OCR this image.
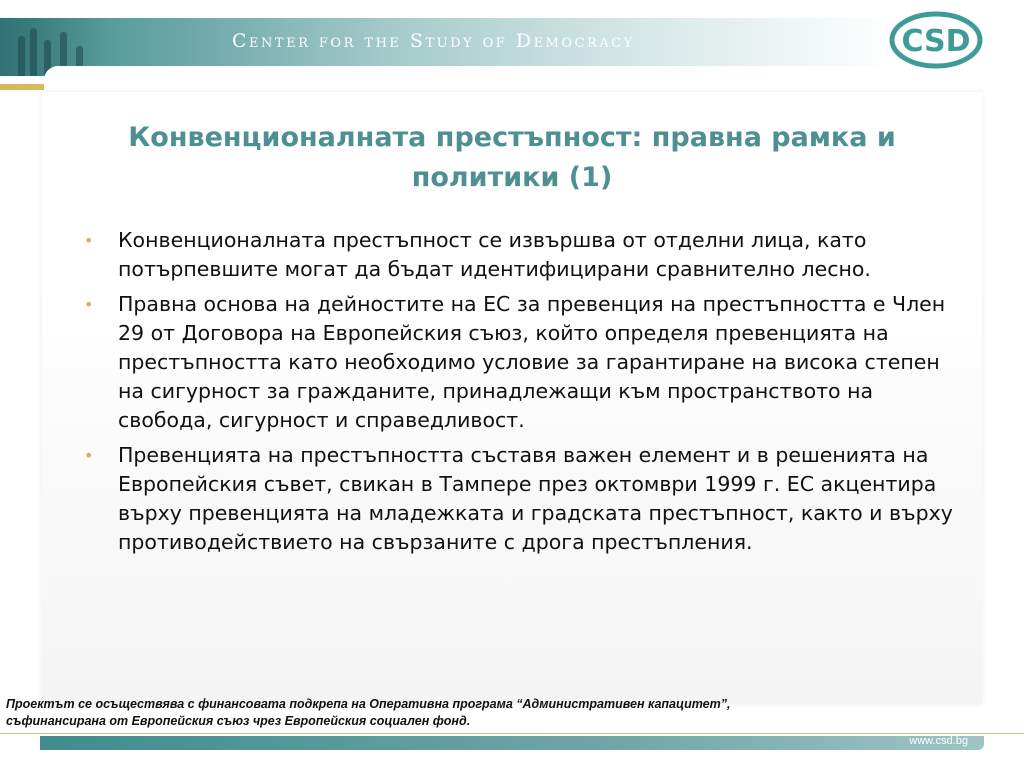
Center for the Study of Democracy	CSD
Конвенционалната престъпност: правна рамка и политики (1)
• Конвенционалната престъпност се извършва от отделни лица, като потърпевшите могат да бъдат идентифицирани сравнително лесно.
• Правна основа на дейностите на ЕС за превенция на престъпността е Член 29 от Договора на Европейския съюз, който определя превенцията на престъпността като необходимо условие за гарантиране на висока степен на сигурност за гражданите, принадлежащи към пространството на свобода, сигурност и справедливост.
• Превенцията на престъпността съставя важен елемент и в решенията на Европейския съвет, свикан в Тампере през октомври 1999 г. ЕС акцентира върху превенцията на младежката и градската престъпност, както и върху противодействието на свързаните с дрога престъпления.
Проектът се осъществява с финансовата подкрепа на Оперативна програма “Административен капацитет”,
съфинансирана от Европейския съюз чрез Европейския социален фонд.
www.csd.bg
